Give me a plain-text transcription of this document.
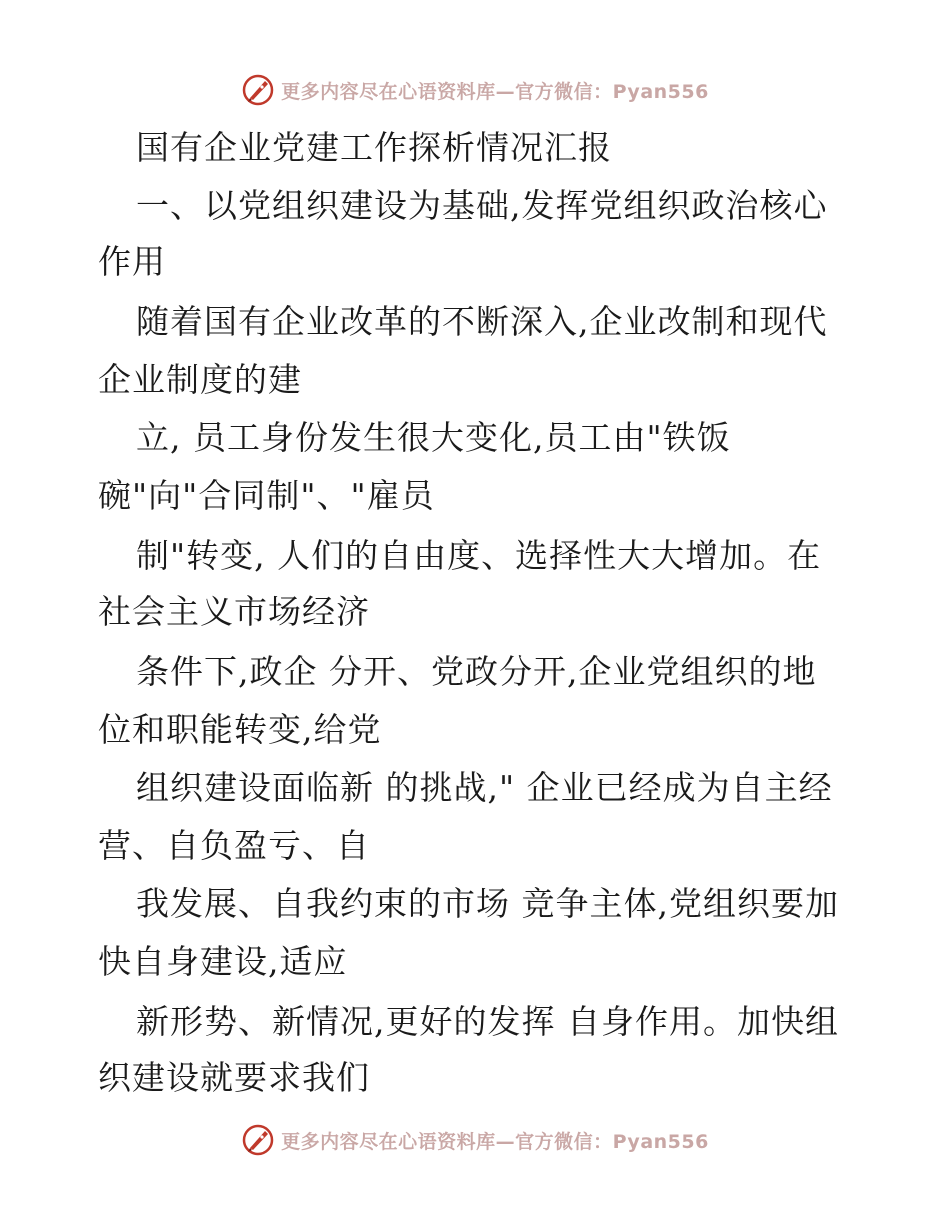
更多内容尽在心语资料库—官方微信：Pyan556
国有企业党建工作探析情况汇报
一、以党组织建设为基础,发挥党组织政治核心
作用
随着国有企业改革的不断深入,企业改制和现代
企业制度的建
立, 员工身份发生很大变化,员工由"铁饭
碗"向"合同制"、"雇员
制"转变, 人们的自由度、选择性大大增加。在
社会主义市场经济
条件下,政企 分开、党政分开,企业党组织的地
位和职能转变,给党
组织建设面临新 的挑战," 企业已经成为自主经
营、自负盈亏、自
我发展、自我约束的市场 竞争主体,党组织要加
快自身建设,适应
新形势、新情况,更好的发挥 自身作用。加快组
织建设就要求我们
更多内容尽在心语资料库—官方微信：Pyan556
